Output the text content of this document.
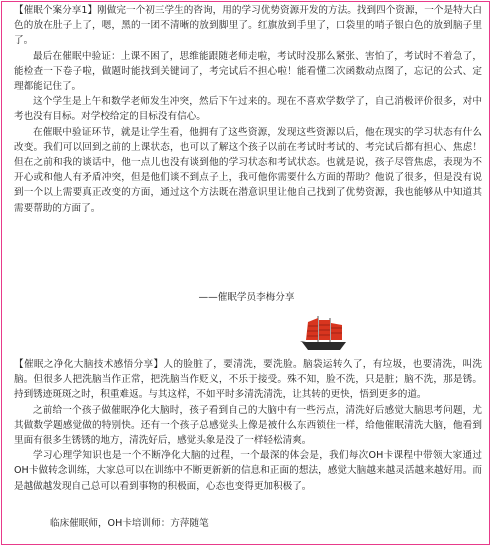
【催眠个案分享1】刚做完一个初三学生的咨询，用的学习优势资源开发的方法。找到四个资源，一个是特大白色的放在肚子上了，嗯，黑的一团不清晰的放到脚里了。红旗放到手里了，口袋里的哨子银白色的放到脑子里了。

最后在催眠中验证：上课不困了，思维能跟随老师走啦，考试时没那么紧张、害怕了，考试时不着急了，能检查一下卷子啦，做题时能找到关键词了，考完试后不担心啦！能看懂二次函数动点图了，忘记的公式、定理都能记住了。

这个学生是上午和数学老师发生冲突，然后下午过来的。现在不喜欢学数学了，自己消极评价很多，对中考也没有目标。对学校给定的目标没有信心。

在催眠中验证环节，就是让学生看，他拥有了这些资源，发现这些资源以后，他在现实的学习状态有什么改变。我们可以回到之前的上课状态，也可以了解这个孩子以前在考试时考试的、考完试后都有担心、焦虑！但在之前和我的谈话中，他一点儿也没有谈到他的学习状态和考试状态。也就是说，孩子尽管焦虑，表现为不开心或和他人有矛盾冲突，但是他们谈不到点子上，我可他你需要什么方面的帮助？他说了很多，但是没有说到一个以上需要真正改变的方面，通过这个方法既在潜意识里让他自己找到了优势资源，我也能够从中知道其需要帮助的方面了。

——催眠学员李梅分享

【催眠之净化大脑技术感悟分享】人的脸脏了，要清洗，要洗脸。脑袋运转久了，有垃圾，也要清洗，叫洗脑。但很多人把洗脑当作正常，把洗脑当作贬义，不乐于接受。殊不知，脸不洗，只是脏；脑不洗，那是锈。持到锈迹斑斑之时，积重难返。与其这样，不如平时多清洗清洗，让其转的更快，悟到更多的道。

之前给一个孩子做催眠净化大脑时，孩子看到自己的大脑中有一些污点，清洗好后感觉大脑思考问题，尤其做数学题感觉做的特别快。还有一个孩子总感觉头上像是被什么东西锁住一样，给他催眠清洗大脑，他看到里面有很多生锈锈的地方，清洗好后，感觉头象是没了一样轻松清爽。

学习心理学知识也是一个不断净化大脑的过程，一个最深的体会是，我们每次OH卡课程中带领大家通过OH卡做转念训练，大家总可以在训练中不断更新新的信息和正面的想法，感觉大脑越来越灵活越来越好用。而是越做越发现自己总可以看到事物的积极面，心态也变得更加积极了。

临床催眠师，OH卡培训师：方萍随笔
